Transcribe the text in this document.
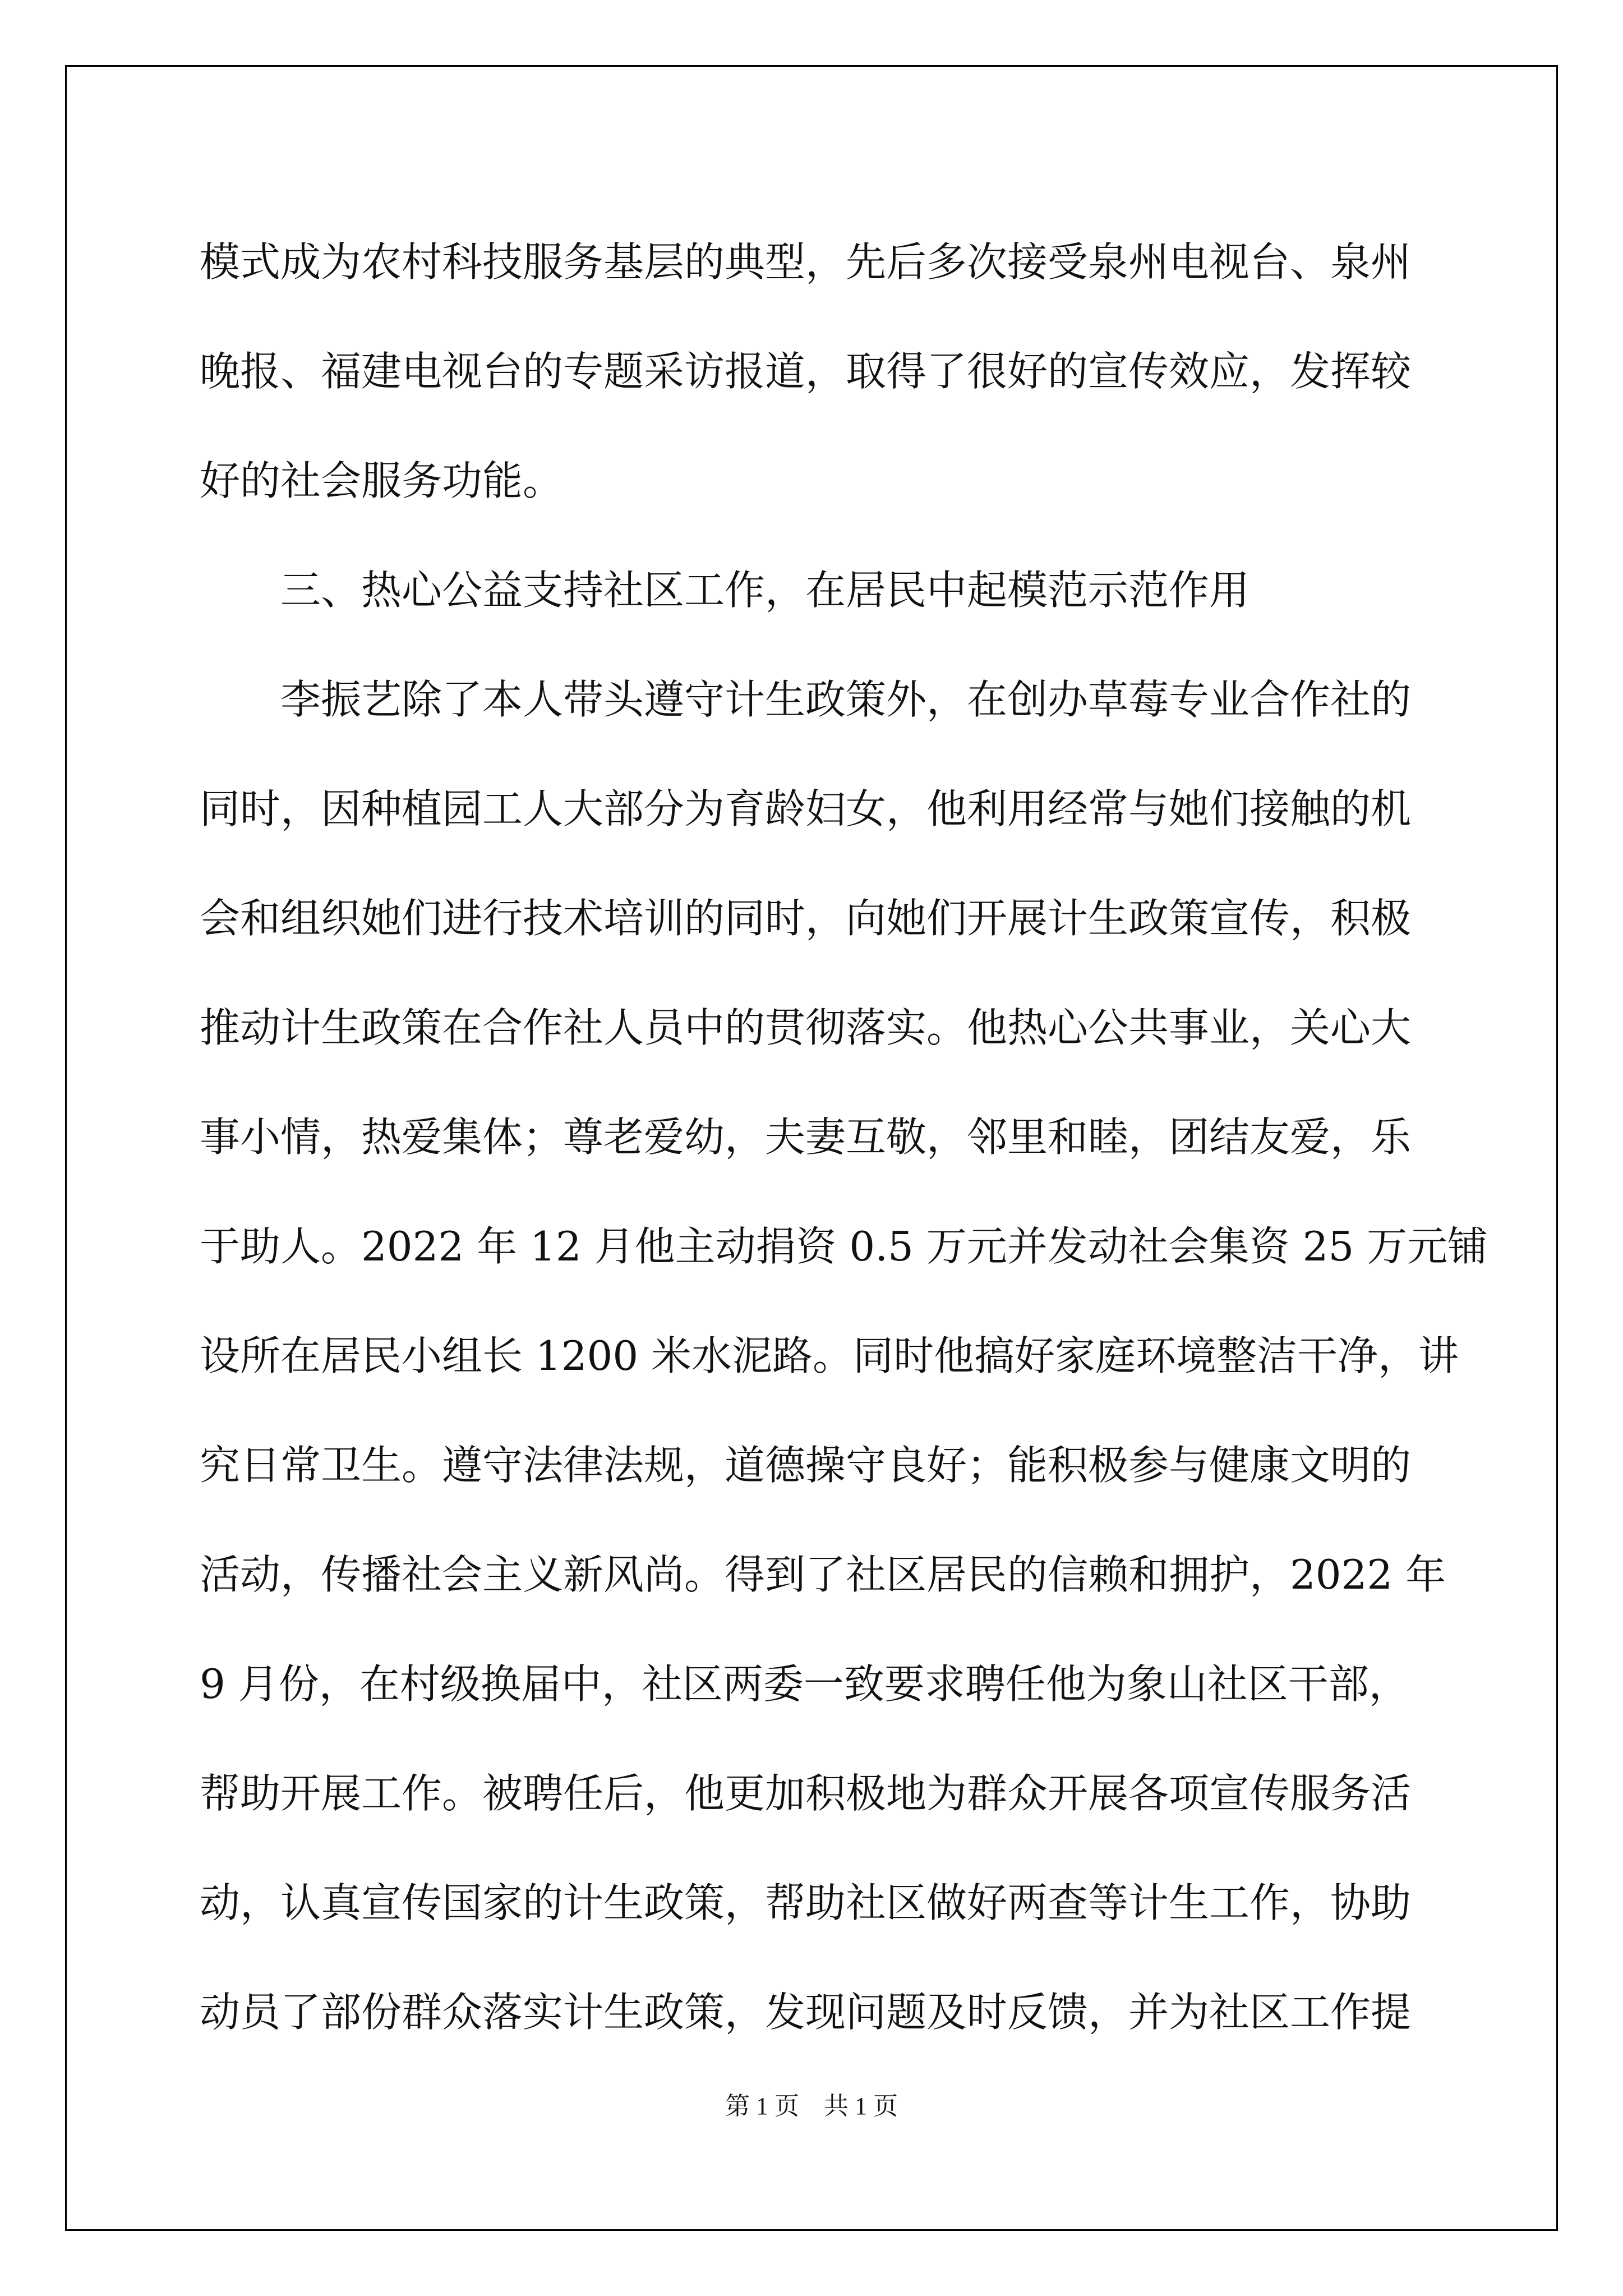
模式成为农村科技服务基层的典型，先后多次接受泉州电视台、泉州
晚报、福建电视台的专题采访报道，取得了很好的宣传效应，发挥较
好的社会服务功能。

三、热心公益支持社区工作，在居民中起模范示范作用

李振艺除了本人带头遵守计生政策外，在创办草莓专业合作社的
同时，因种植园工人大部分为育龄妇女，他利用经常与她们接触的机
会和组织她们进行技术培训的同时，向她们开展计生政策宣传，积极
推动计生政策在合作社人员中的贯彻落实。他热心公共事业，关心大
事小情，热爱集体；尊老爱幼，夫妻互敬，邻里和睦，团结友爱，乐
于助人。2022 年 12 月他主动捐资 0.5 万元并发动社会集资 25 万元铺
设所在居民小组长 1200 米水泥路。同时他搞好家庭环境整洁干净，讲
究日常卫生。遵守法律法规，道德操守良好；能积极参与健康文明的
活动，传播社会主义新风尚。得到了社区居民的信赖和拥护，2022 年
9 月份，在村级换届中，社区两委一致要求聘任他为象山社区干部，
帮助开展工作。被聘任后，他更加积极地为群众开展各项宣传服务活
动，认真宣传国家的计生政策，帮助社区做好两查等计生工作，协助
动员了部份群众落实计生政策，发现问题及时反馈，并为社区工作提

第 1 页　共 1 页
